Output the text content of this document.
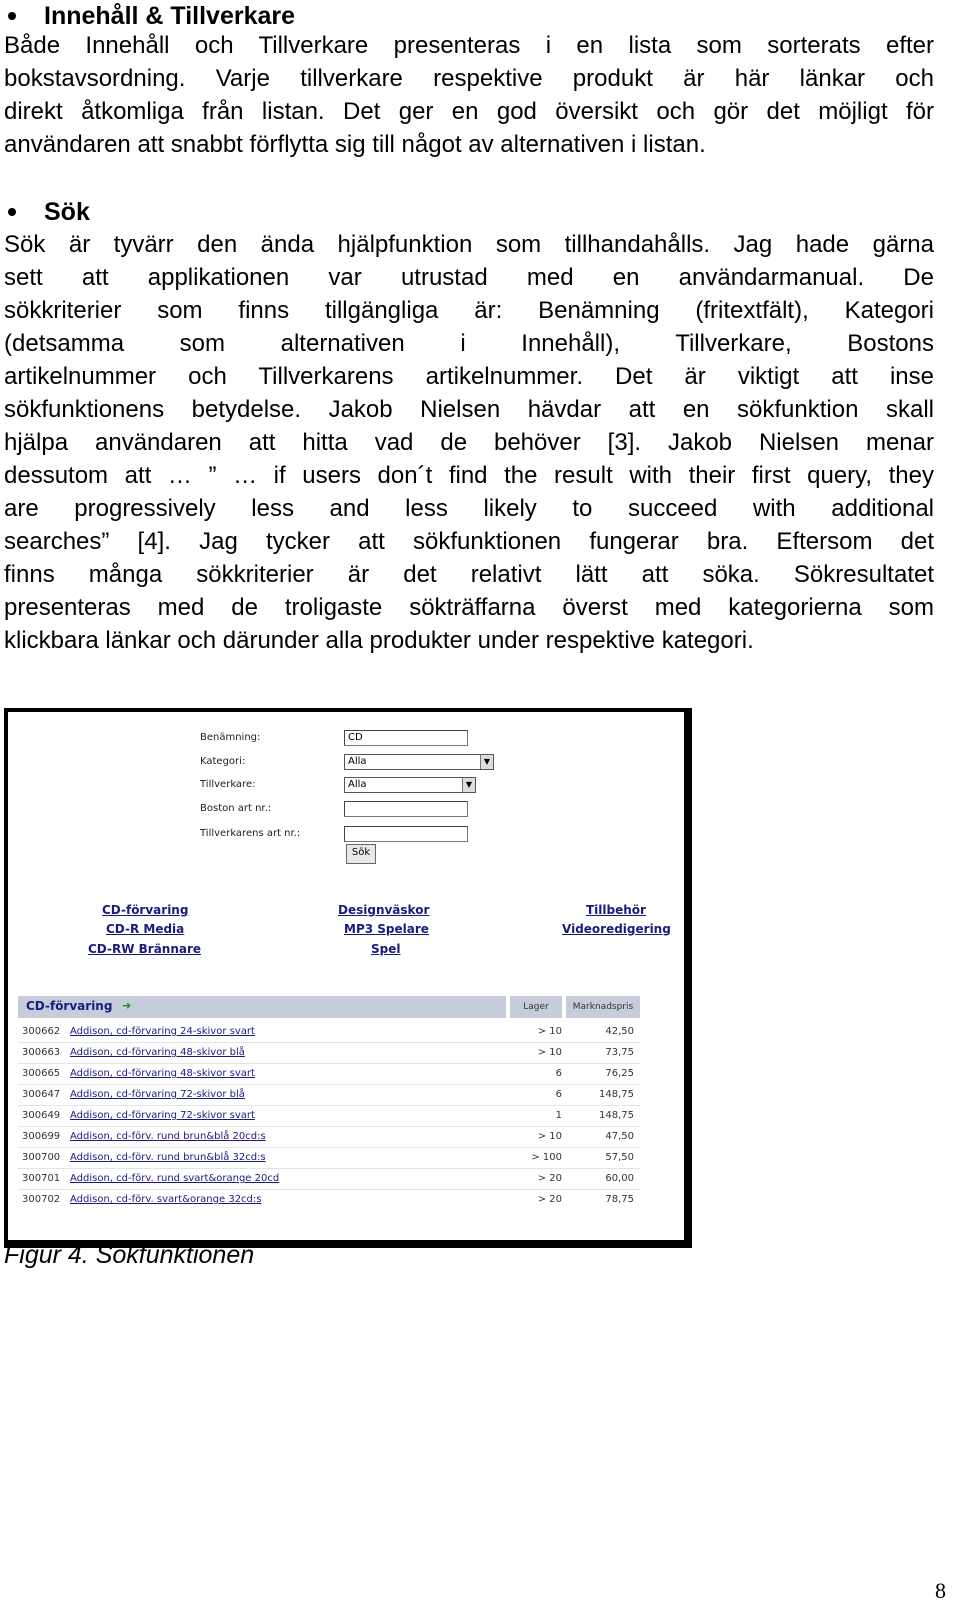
Innehåll & Tillverkare
Både Innehåll och Tillverkare presenteras i en lista som sorterats efter
bokstavsordning. Varje tillverkare respektive produkt är här länkar och
direkt åtkomliga från listan. Det ger en god översikt och gör det möjligt för
användaren att snabbt förflytta sig till något av alternativen i listan.
Sök
Sök är tyvärr den ända hjälpfunktion som tillhandahålls. Jag hade gärna
sett att applikationen var utrustad med en användarmanual. De
sökkriterier som finns tillgängliga är: Benämning (fritextfält), Kategori
(detsamma som alternativen i Innehåll), Tillverkare, Bostons
artikelnummer och Tillverkarens artikelnummer. Det är viktigt att inse
sökfunktionens betydelse. Jakob Nielsen hävdar att en sökfunktion skall
hjälpa användaren att hitta vad de behöver [3]. Jakob Nielsen menar
dessutom att … ” … if users don´t find the result with their first query, they
are progressively less and less likely to succeed with additional
searches” [4]. Jag tycker att sökfunktionen fungerar bra. Eftersom det
finns många sökkriterier är det relativt lätt att söka. Sökresultatet
presenteras med de troligaste sökträffarna överst med kategorierna som
klickbara länkar och därunder alla produkter under respektive kategori.
Benämning:	CD
Kategori:	Alla	▼
Tillverkare:	Alla	▼
Boston art nr.:
Tillverkarens art nr.:
Sök
CD-förvaring
CD-R Media
CD-RW Brännare
Designväskor
MP3 Spelare
Spel
Tillbehör
Videoredigering
CD-förvaring ➜	Lager	Marknadspris
300662 Addison, cd-förvaring 24-skivor svart	> 10	42,50
300663 Addison, cd-förvaring 48-skivor blå	> 10	73,75
300665 Addison, cd-förvaring 48-skivor svart	6	76,25
300647 Addison, cd-förvaring 72-skivor blå	6	148,75
300649 Addison, cd-förvaring 72-skivor svart	1	148,75
300699 Addison, cd-förv. rund brun&blå 20cd:s	> 10	47,50
300700 Addison, cd-förv. rund brun&blå 32cd:s	> 100	57,50
300701 Addison, cd-förv. rund svart&orange 20cd	> 20	60,00
300702 Addison, cd-förv. svart&orange 32cd:s	> 20	78,75
Figur 4. Sökfunktionen
8
